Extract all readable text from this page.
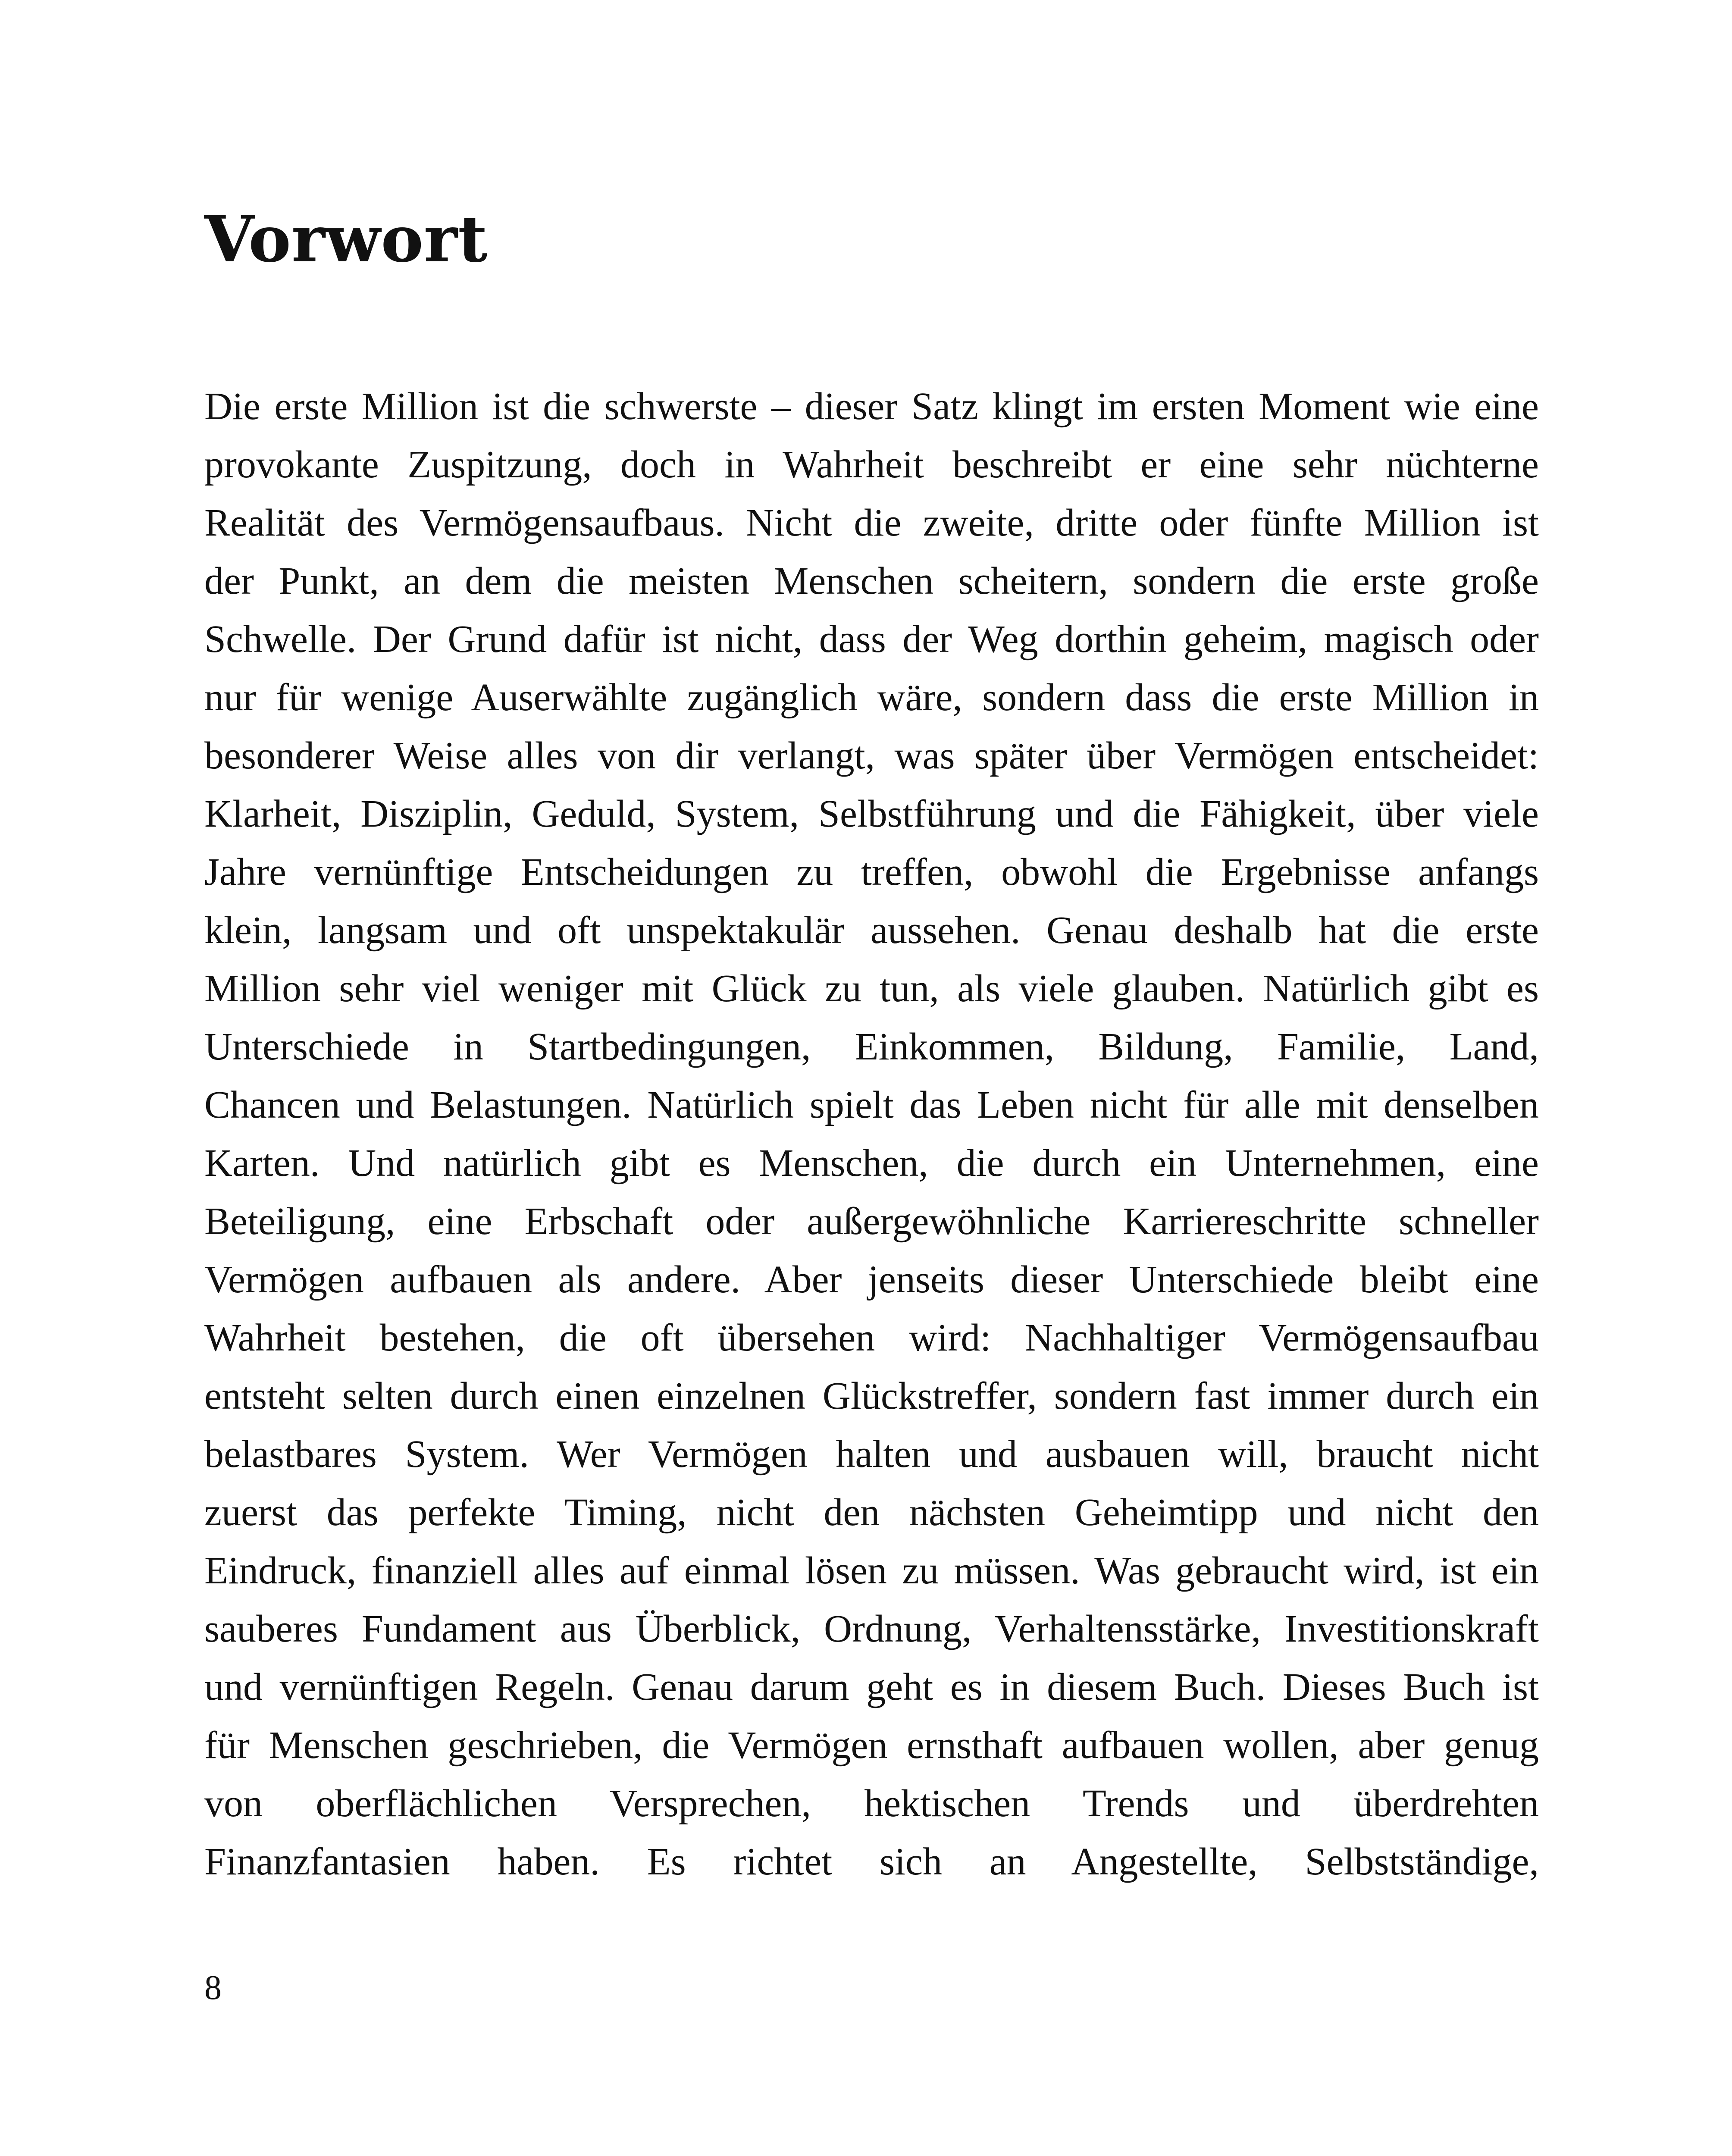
Vorwort
Die erste Million ist die schwerste – dieser Satz klingt im ersten Moment wie eine
provokante Zuspitzung, doch in Wahrheit beschreibt er eine sehr nüchterne
Realität des Vermögensaufbaus. Nicht die zweite, dritte oder fünfte Million ist
der Punkt, an dem die meisten Menschen scheitern, sondern die erste große
Schwelle. Der Grund dafür ist nicht, dass der Weg dorthin geheim, magisch oder
nur für wenige Auserwählte zugänglich wäre, sondern dass die erste Million in
besonderer Weise alles von dir verlangt, was später über Vermögen entscheidet:
Klarheit, Disziplin, Geduld, System, Selbstführung und die Fähigkeit, über viele
Jahre vernünftige Entscheidungen zu treffen, obwohl die Ergebnisse anfangs
klein, langsam und oft unspektakulär aussehen. Genau deshalb hat die erste
Million sehr viel weniger mit Glück zu tun, als viele glauben. Natürlich gibt es
Unterschiede in Startbedingungen, Einkommen, Bildung, Familie, Land,
Chancen und Belastungen. Natürlich spielt das Leben nicht für alle mit denselben
Karten. Und natürlich gibt es Menschen, die durch ein Unternehmen, eine
Beteiligung, eine Erbschaft oder außergewöhnliche Karriereschritte schneller
Vermögen aufbauen als andere. Aber jenseits dieser Unterschiede bleibt eine
Wahrheit bestehen, die oft übersehen wird: Nachhaltiger Vermögensaufbau
entsteht selten durch einen einzelnen Glückstreffer, sondern fast immer durch ein
belastbares System. Wer Vermögen halten und ausbauen will, braucht nicht
zuerst das perfekte Timing, nicht den nächsten Geheimtipp und nicht den
Eindruck, finanziell alles auf einmal lösen zu müssen. Was gebraucht wird, ist ein
sauberes Fundament aus Überblick, Ordnung, Verhaltensstärke, Investitionskraft
und vernünftigen Regeln. Genau darum geht es in diesem Buch. Dieses Buch ist
für Menschen geschrieben, die Vermögen ernsthaft aufbauen wollen, aber genug
von oberflächlichen Versprechen, hektischen Trends und überdrehten
Finanzfantasien haben. Es richtet sich an Angestellte, Selbstständige,
8
